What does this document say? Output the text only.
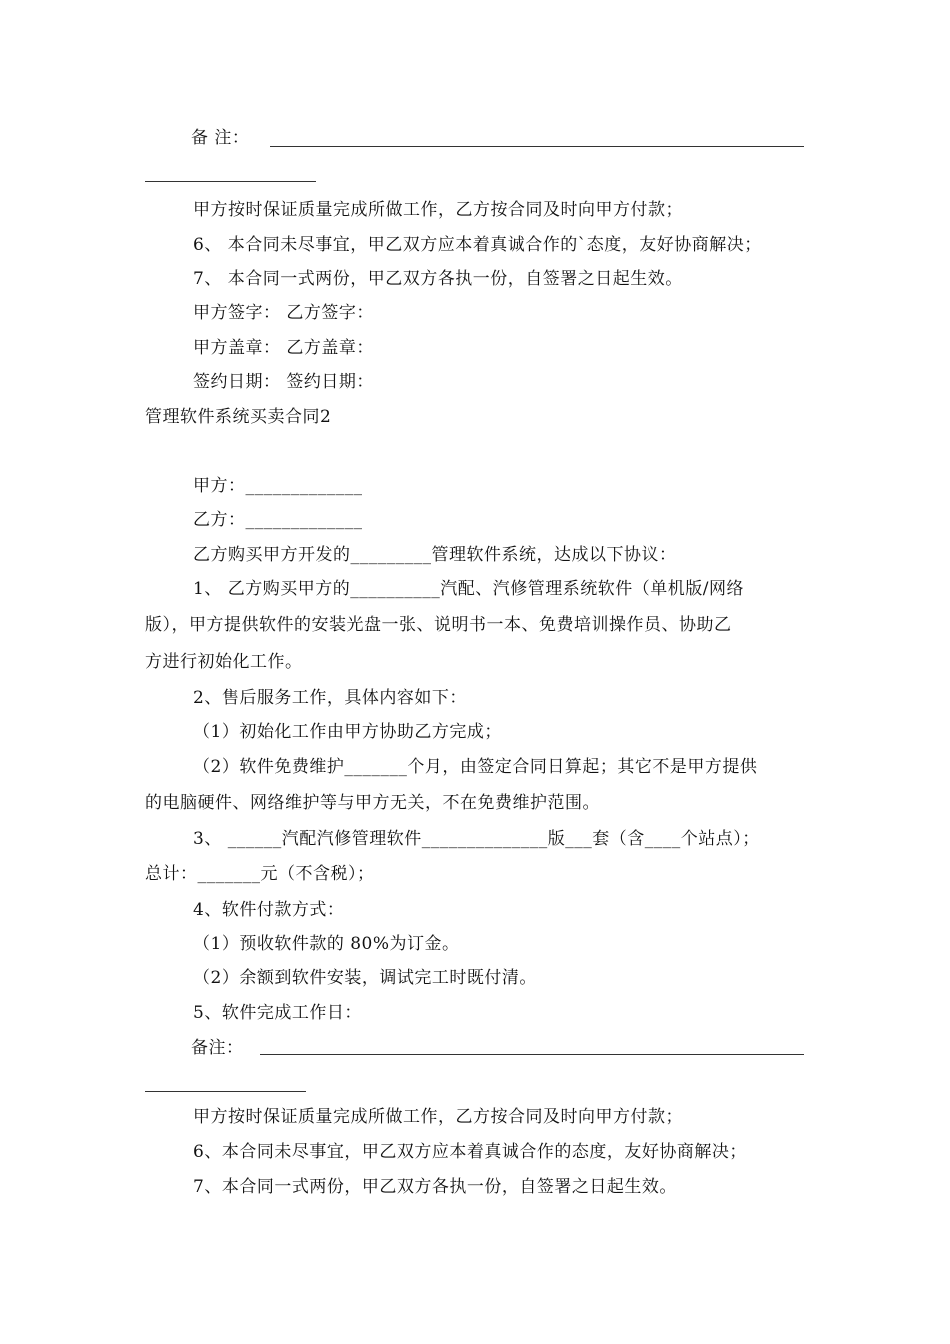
备 注：
甲方按时保证质量完成所做工作，乙方按合同及时向甲方付款；
6、 本合同未尽事宜，甲乙双方应本着真诚合作的`态度，友好协商解决；
7、 本合同一式两份，甲乙双方各执一份，自签署之日起生效。
甲方签字： 乙方签字：
甲方盖章： 乙方盖章：
签约日期： 签约日期：
管理软件系统买卖合同2
甲方：_____________
乙方：_____________
乙方购买甲方开发的_________管理软件系统，达成以下协议：
1、 乙方购买甲方的__________汽配、汽修管理系统软件（单机版/网络
版），甲方提供软件的安装光盘一张、说明书一本、免费培训操作员、协助乙
方进行初始化工作。
2、售后服务工作，具体内容如下：
（1）初始化工作由甲方协助乙方完成；
（2）软件免费维护_______个月，由签定合同日算起；其它不是甲方提供
的电脑硬件、网络维护等与甲方无关，不在免费维护范围。
3、 ______汽配汽修管理软件______________版___套（含____个站点）；
总计：_______元（不含税）；
4、软件付款方式：
（1）预收软件款的 80%为订金。
（2）余额到软件安装，调试完工时既付清。
5、软件完成工作日：
备注：
甲方按时保证质量完成所做工作，乙方按合同及时向甲方付款；
6、本合同未尽事宜，甲乙双方应本着真诚合作的态度，友好协商解决；
7、本合同一式两份，甲乙双方各执一份，自签署之日起生效。
